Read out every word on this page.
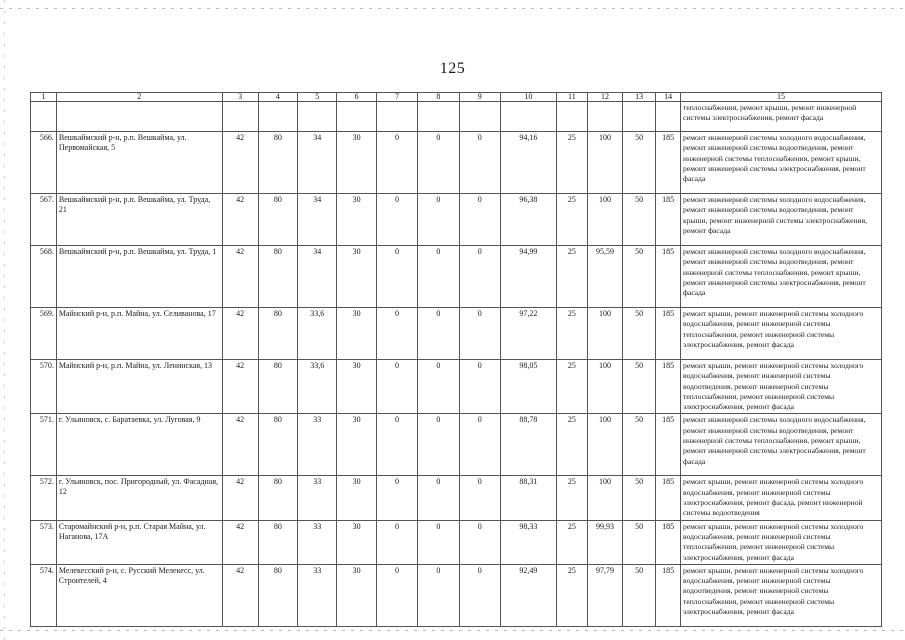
125
1	2	3	4	5	6	7	8	9	10	11	12	13	14	15
														теплоснабжения, ремонт крыши, ремонт инженерной системы электроснабжения, ремонт фасада
566.	Вешкаймский р-н, р.п. Вешкайма, ул. Первомайская, 5	42	80	34	30	0	0	0	94,16	25	100	50	185	ремонт инженерной системы холодного водоснабжения, ремонт инженерной системы водоотведения, ремонт инженерной системы теплоснабжения, ремонт крыши, ремонт инженерной системы электроснабжения, ремонт фасада
567.	Вешкаймский р-н, р.п. Вешкайма, ул. Труда, 21	42	80	34	30	0	0	0	96,38	25	100	50	185	ремонт инженерной системы холодного водоснабжения, ремонт инженерной системы водоотведения, ремонт крыши, ремонт инженерной системы электроснабжения, ремонт фасада
568.	Вешкаймский р-н, р.п. Вешкайма, ул. Труда, 1	42	80	34	30	0	0	0	94,99	25	95,59	50	185	ремонт инженерной системы холодного водоснабжения, ремонт инженерной системы водоотведения, ремонт инженерной системы теплоснабжения, ремонт крыши, ремонт инженерной системы электроснабжения, ремонт фасада
569.	Майнский р-н, р.п. Майна, ул. Селиванова, 17	42	80	33,6	30	0	0	0	97,22	25	100	50	185	ремонт крыши, ремонт инженерной системы холодного водоснабжения, ремонт инженерной системы теплоснабжения, ремонт инженерной системы электроснабжения, ремонт фасада
570.	Майнский р-н, р.п. Майна, ул. Ленинская, 13	42	80	33,6	30	0	0	0	98,05	25	100	50	185	ремонт крыши, ремонт инженерной системы холодного водоснабжения, ремонт инженерной системы водоотведения, ремонт инженерной системы теплоснабжения, ремонт инженерной системы электроснабжения, ремонт фасада
571.	г. Ульяновск, с. Баратаевка, ул. Луговая, 9	42	80	33	30	0	0	0	88,78	25	100	50	185	ремонт инженерной системы холодного водоснабжения, ремонт инженерной системы водоотведения, ремонт инженерной системы теплоснабжения, ремонт крыши, ремонт инженерной системы электроснабжения, ремонт фасада
572.	г. Ульяновск, пос. Пригородный, ул. Фасадная, 12	42	80	33	30	0	0	0	88,31	25	100	50	185	ремонт крыши, ремонт инженерной системы холодного водоснабжения, ремонт инженерной системы электроснабжения, ремонт фасада, ремонт инженерной системы водоотведения
573.	Старомайнский р-н, р.п. Старая Майна, ул. Наганова, 17А	42	80	33	30	0	0	0	98,33	25	99,93	50	185	ремонт крыши, ремонт инженерной системы холодного водоснабжения, ремонт инженерной системы теплоснабжения, ремонт инженерной системы электроснабжения, ремонт фасада
574.	Мелекесский р-н, с. Русский Мелекесс, ул. Строителей, 4	42	80	33	30	0	0	0	92,49	25	97,79	50	185	ремонт крыши, ремонт инженерной системы холодного водоснабжения, ремонт инженерной системы водоотведения, ремонт инженерной системы теплоснабжения, ремонт инженерной системы электроснабжения, ремонт фасада
